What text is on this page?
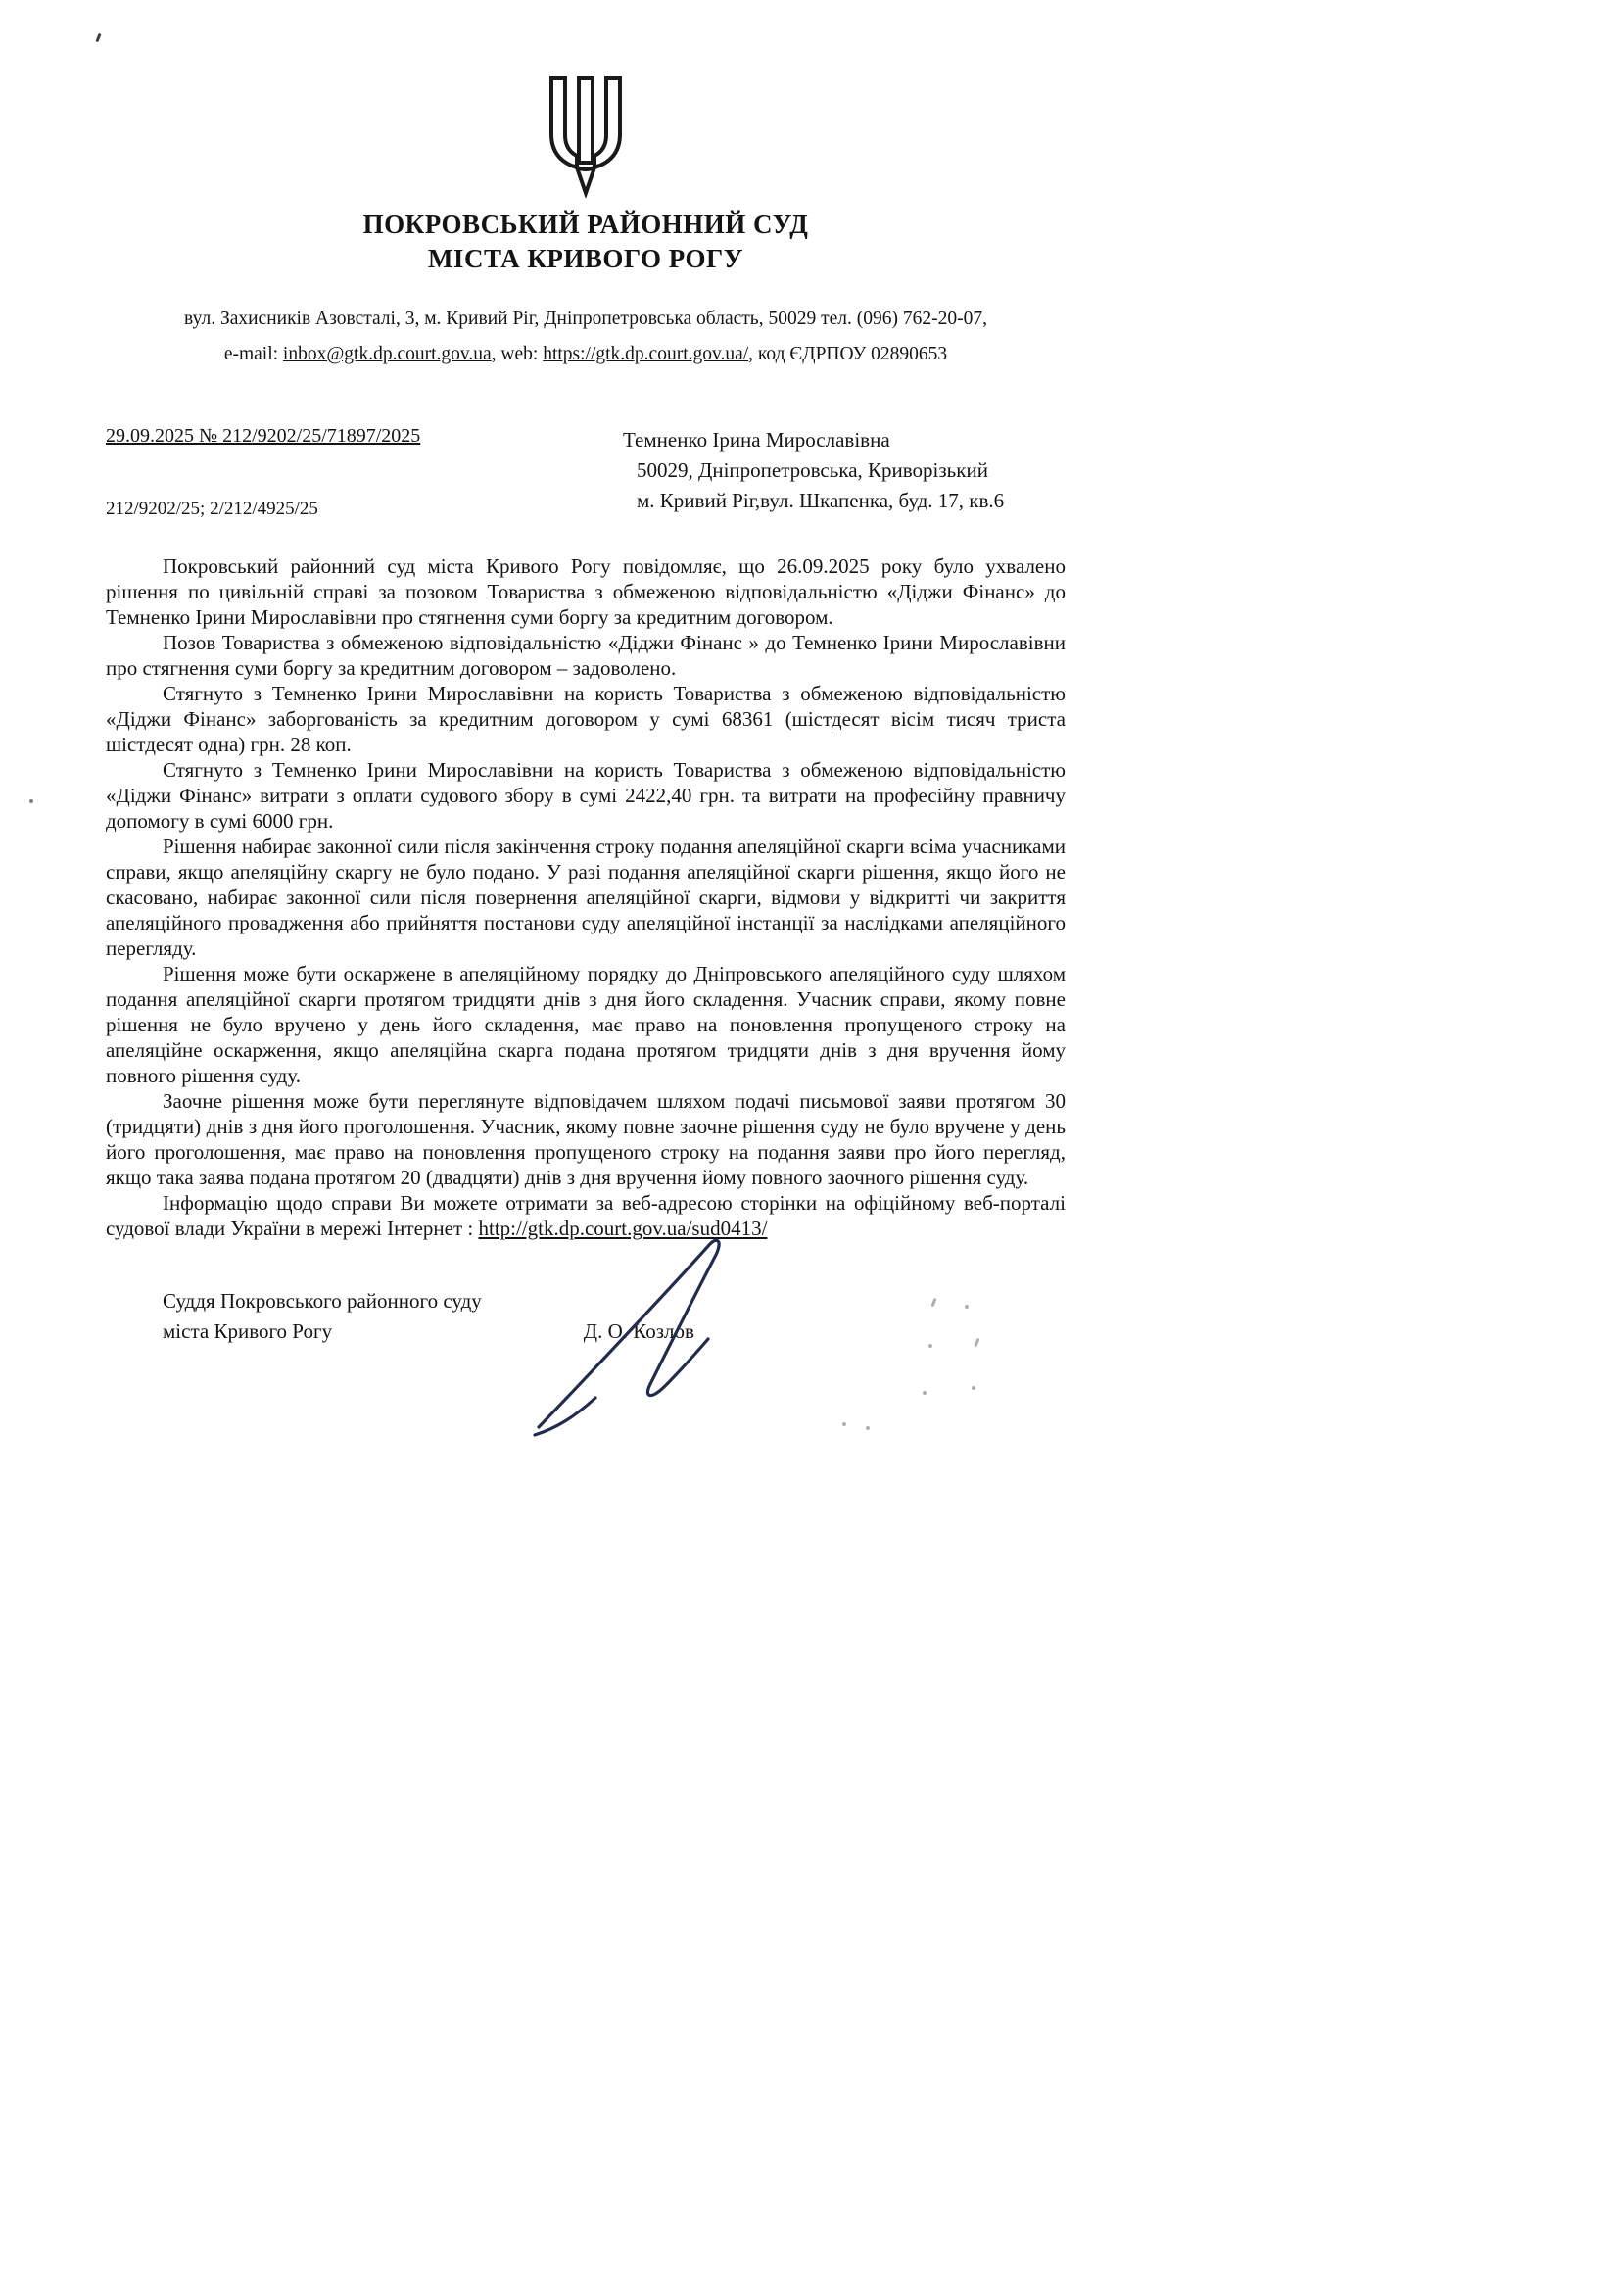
ПОКРОВСЬКИЙ РАЙОННИЙ СУД
МІСТА КРИВОГО РОГУ
вул. Захисників Азовсталі, 3, м. Кривий Ріг, Дніпропетровська область, 50029 тел. (096) 762-20-07,
e-mail: inbox@gtk.dp.court.gov.ua, web: https://gtk.dp.court.gov.ua/, код ЄДРПОУ 02890653
29.09.2025 № 212/9202/25/71897/2025
212/9202/25; 2/212/4925/25
Темненко Ірина Мирославівна
50029, Дніпропетровська, Криворізький
м. Кривий Ріг,вул. Шкапенка, буд. 17, кв.6

Покровський районний суд міста Кривого Рогу повідомляє, що 26.09.2025 року було ухвалено рішення по цивільній справі за позовом Товариства з обмеженою відповідальністю «Діджи Фінанс» до Темненко Ірини Мирославівни про стягнення суми боргу за кредитним договором.

Позов Товариства з обмеженою відповідальністю «Діджи Фінанс » до Темненко Ірини Мирославівни про стягнення суми боргу за кредитним договором – задоволено.

Стягнуто з Темненко Ірини Мирославівни на користь Товариства з обмеженою відповідальністю «Діджи Фінанс» заборгованість за кредитним договором у сумі 68361 (шістдесят вісім тисяч триста шістдесят одна) грн. 28 коп.

Стягнуто з Темненко Ірини Мирославівни на користь Товариства з обмеженою відповідальністю «Діджи Фінанс» витрати з оплати судового збору в сумі 2422,40 грн. та витрати на професійну правничу допомогу в сумі 6000 грн.

Рішення набирає законної сили після закінчення строку подання апеляційної скарги всіма учасниками справи, якщо апеляційну скаргу не було подано. У разі подання апеляційної скарги рішення, якщо його не скасовано, набирає законної сили після повернення апеляційної скарги, відмови у відкритті чи закриття апеляційного провадження або прийняття постанови суду апеляційної інстанції за наслідками апеляційного перегляду.

Рішення може бути оскаржене в апеляційному порядку до Дніпровського апеляційного суду шляхом подання апеляційної скарги протягом тридцяти днів з дня його складення. Учасник справи, якому повне рішення не було вручено у день його складення, має право на поновлення пропущеного строку на апеляційне оскарження, якщо апеляційна скарга подана протягом тридцяти днів з дня вручення йому повного рішення суду.

Заочне рішення може бути переглянуте відповідачем шляхом подачі письмової заяви протягом 30 (тридцяти) днів з дня його проголошення. Учасник, якому повне заочне рішення суду не було вручене у день його проголошення, має право на поновлення пропущеного строку на подання заяви про його перегляд, якщо така заява подана протягом 20 (двадцяти) днів з дня вручення йому повного заочного рішення суду.

Інформацію щодо справи Ви можете отримати за веб-адресою сторінки на офіційному веб-порталі судової влади України в мережі Інтернет : http://gtk.dp.court.gov.ua/sud0413/

Суддя Покровського районного суду
міста Кривого Рогу	Д. О. Козлов
